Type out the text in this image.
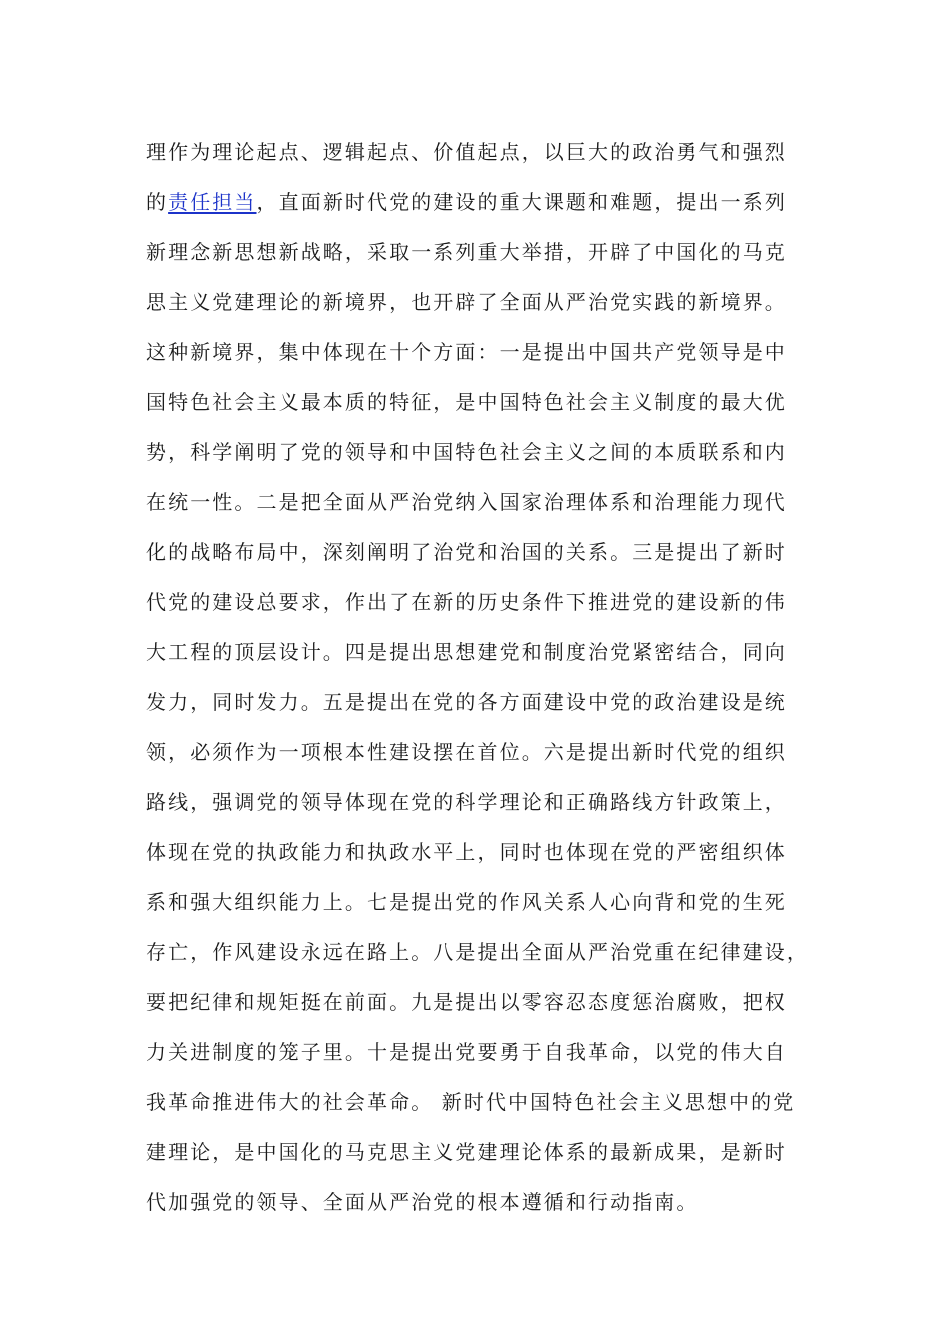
理作为理论起点、逻辑起点、价值起点，以巨大的政治勇气和强烈
的责任担当，直面新时代党的建设的重大课题和难题，提出一系列
新理念新思想新战略，采取一系列重大举措，开辟了中国化的马克
思主义党建理论的新境界，也开辟了全面从严治党实践的新境界。
这种新境界，集中体现在十个方面：一是提出中国共产党领导是中
国特色社会主义最本质的特征，是中国特色社会主义制度的最大优
势，科学阐明了党的领导和中国特色社会主义之间的本质联系和内
在统一性。二是把全面从严治党纳入国家治理体系和治理能力现代
化的战略布局中，深刻阐明了治党和治国的关系。三是提出了新时
代党的建设总要求，作出了在新的历史条件下推进党的建设新的伟
大工程的顶层设计。四是提出思想建党和制度治党紧密结合，同向
发力，同时发力。五是提出在党的各方面建设中党的政治建设是统
领，必须作为一项根本性建设摆在首位。六是提出新时代党的组织
路线，强调党的领导体现在党的科学理论和正确路线方针政策上，
体现在党的执政能力和执政水平上，同时也体现在党的严密组织体
系和强大组织能力上。七是提出党的作风关系人心向背和党的生死
存亡，作风建设永远在路上。八是提出全面从严治党重在纪律建设，
要把纪律和规矩挺在前面。九是提出以零容忍态度惩治腐败，把权
力关进制度的笼子里。十是提出党要勇于自我革命，以党的伟大自
我革命推进伟大的社会革命。 新时代中国特色社会主义思想中的党
建理论，是中国化的马克思主义党建理论体系的最新成果，是新时
代加强党的领导、全面从严治党的根本遵循和行动指南。
